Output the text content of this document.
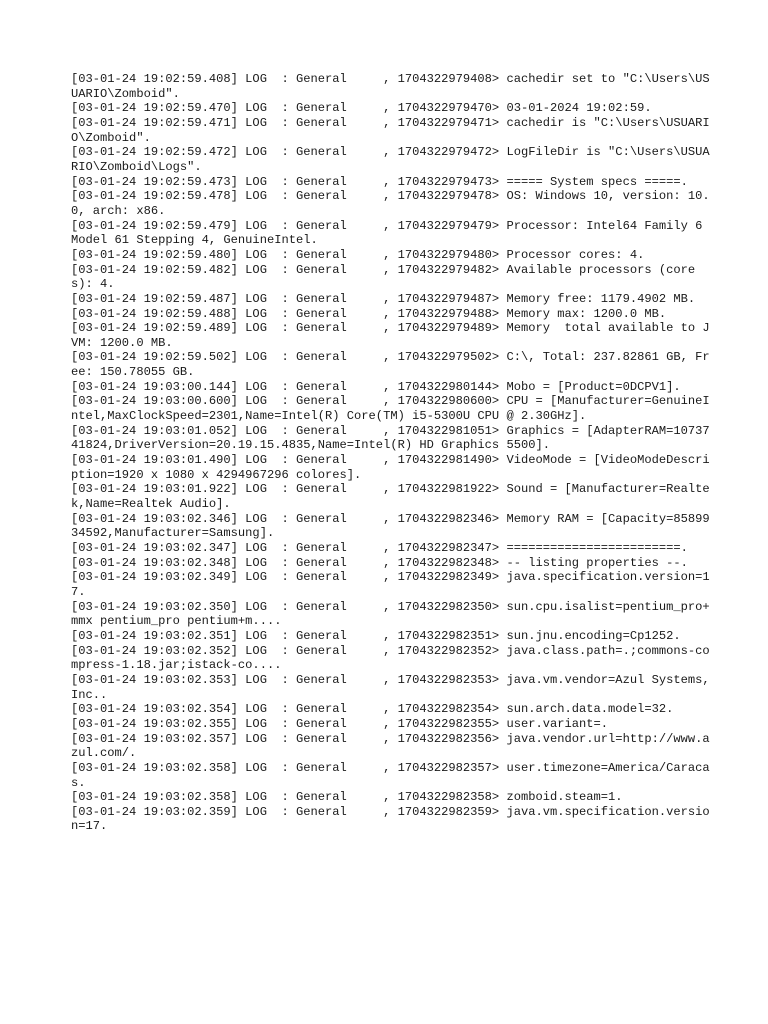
[03-01-24 19:02:59.408] LOG  : General     , 1704322979408> cachedir set to "C:\Users\USUARIO\Zomboid".
[03-01-24 19:02:59.470] LOG  : General     , 1704322979470> 03-01-2024 19:02:59.
[03-01-24 19:02:59.471] LOG  : General     , 1704322979471> cachedir is "C:\Users\USUARIO\Zomboid".
[03-01-24 19:02:59.472] LOG  : General     , 1704322979472> LogFileDir is "C:\Users\USUARIO\Zomboid\Logs".
[03-01-24 19:02:59.473] LOG  : General     , 1704322979473> ===== System specs =====.
[03-01-24 19:02:59.478] LOG  : General     , 1704322979478> OS: Windows 10, version: 10.0, arch: x86.
[03-01-24 19:02:59.479] LOG  : General     , 1704322979479> Processor: Intel64 Family 6 Model 61 Stepping 4, GenuineIntel.
[03-01-24 19:02:59.480] LOG  : General     , 1704322979480> Processor cores: 4.
[03-01-24 19:02:59.482] LOG  : General     , 1704322979482> Available processors (cores): 4.
[03-01-24 19:02:59.487] LOG  : General     , 1704322979487> Memory free: 1179.4902 MB.
[03-01-24 19:02:59.488] LOG  : General     , 1704322979488> Memory max: 1200.0 MB.
[03-01-24 19:02:59.489] LOG  : General     , 1704322979489> Memory  total available to JVM: 1200.0 MB.
[03-01-24 19:02:59.502] LOG  : General     , 1704322979502> C:\, Total: 237.82861 GB, Free: 150.78055 GB.
[03-01-24 19:03:00.144] LOG  : General     , 1704322980144> Mobo = [Product=0DCPV1].
[03-01-24 19:03:00.600] LOG  : General     , 1704322980600> CPU = [Manufacturer=GenuineIntel,MaxClockSpeed=2301,Name=Intel(R) Core(TM) i5-5300U CPU @ 2.30GHz].
[03-01-24 19:03:01.052] LOG  : General     , 1704322981051> Graphics = [AdapterRAM=1073741824,DriverVersion=20.19.15.4835,Name=Intel(R) HD Graphics 5500].
[03-01-24 19:03:01.490] LOG  : General     , 1704322981490> VideoMode = [VideoModeDescription=1920 x 1080 x 4294967296 colores].
[03-01-24 19:03:01.922] LOG  : General     , 1704322981922> Sound = [Manufacturer=Realtek,Name=Realtek Audio].
[03-01-24 19:03:02.346] LOG  : General     , 1704322982346> Memory RAM = [Capacity=8589934592,Manufacturer=Samsung].
[03-01-24 19:03:02.347] LOG  : General     , 1704322982347> ========================.
[03-01-24 19:03:02.348] LOG  : General     , 1704322982348> -- listing properties --.
[03-01-24 19:03:02.349] LOG  : General     , 1704322982349> java.specification.version=17.
[03-01-24 19:03:02.350] LOG  : General     , 1704322982350> sun.cpu.isalist=pentium_pro+mmx pentium_pro pentium+m....
[03-01-24 19:03:02.351] LOG  : General     , 1704322982351> sun.jnu.encoding=Cp1252.
[03-01-24 19:03:02.352] LOG  : General     , 1704322982352> java.class.path=.;commons-compress-1.18.jar;istack-co....
[03-01-24 19:03:02.353] LOG  : General     , 1704322982353> java.vm.vendor=Azul Systems, Inc..
[03-01-24 19:03:02.354] LOG  : General     , 1704322982354> sun.arch.data.model=32.
[03-01-24 19:03:02.355] LOG  : General     , 1704322982355> user.variant=.
[03-01-24 19:03:02.357] LOG  : General     , 1704322982356> java.vendor.url=http://www.azul.com/.
[03-01-24 19:03:02.358] LOG  : General     , 1704322982357> user.timezone=America/Caracas.
[03-01-24 19:03:02.358] LOG  : General     , 1704322982358> zomboid.steam=1.
[03-01-24 19:03:02.359] LOG  : General     , 1704322982359> java.vm.specification.version=17.
